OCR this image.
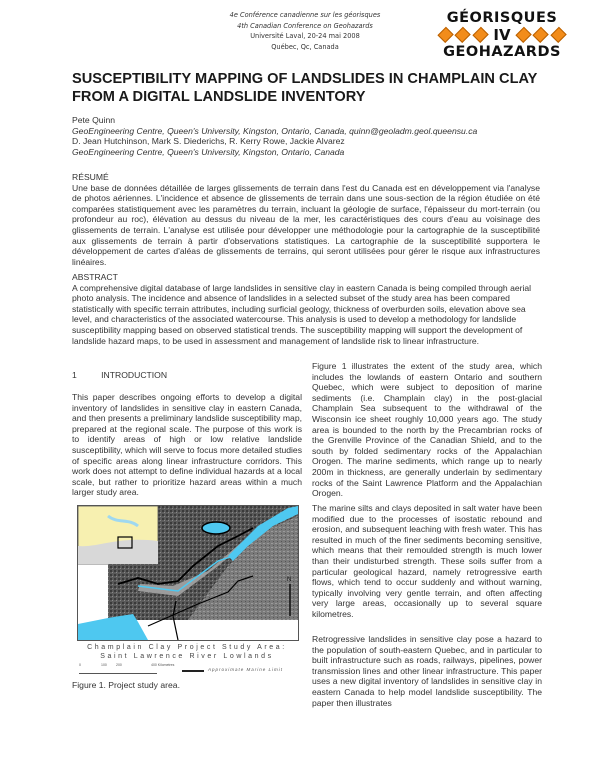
4e Conférence canadienne sur les géorisques
4th Canadian Conference on Geohazards
Université Laval, 20-24 mai 2008
Québec, Qc, Canada
GÉORISQUES
IV
GEOHAZARDS
SUSCEPTIBILITY MAPPING OF LANDSLIDES IN CHAMPLAIN CLAY
FROM A DIGITAL LANDSLIDE INVENTORY
Pete Quinn
GeoEngineering Centre, Queen's University, Kingston, Ontario, Canada, quinn@geoladm.geol.queensu.ca
D. Jean Hutchinson, Mark S. Diederichs, R. Kerry Rowe, Jackie Alvarez
GeoEngineering Centre, Queen's University, Kingston, Ontario, Canada
RÉSUMÉ
Une base de données détaillée de larges glissements de terrain dans l'est du Canada est en développement via l'analyse de photos aériennes. L'incidence et absence de glissements de terrain dans une sous-section de la région étudiée on été comparées statistiquement avec les paramètres du terrain, incluant la géologie de surface, l'épaisseur du mort-terrain (ou profondeur au roc), élévation au dessus du niveau de la mer, les caractéristiques des cours d'eau au voisinage des glissements de terrain. L'analyse est utilisée pour développer une méthodologie pour la cartographie de la susceptibilité aux glissements de terrain à partir d'observations statistiques. La cartographie de la susceptibilité supportera le développement de cartes d'aléas de glissements de terrains, qui seront utilisées pour gérer le risque aux infrastructures linéaires.
ABSTRACT
A comprehensive digital database of large landslides in sensitive clay in eastern Canada is being compiled through aerial photo analysis. The incidence and absence of landslides in a selected subset of the study area has been compared statistically with specific terrain attributes, including surficial geology, thickness of overburden soils, elevation above sea level, and characteristics of the associated watercourse. This analysis is used to develop a methodology for landslide susceptibility mapping based on observed statistical trends. The susceptibility mapping will support the development of landslide hazard maps, to be used in assessment and management of landslide risk to linear infrastructure.
1	INTRODUCTION
This paper describes ongoing efforts to develop a digital inventory of landslides in sensitive clay in eastern Canada, and then presents a preliminary landslide susceptibility map, prepared at the regional scale. The purpose of this work is to identify areas of high or low relative landslide susceptibility, which will serve to focus more detailed studies of specific areas along linear infrastructure corridors. This work does not attempt to define individual hazards at a local scale, but rather to prioritize hazard areas within a much larger study area.
Figure 1 illustrates the extent of the study area, which includes the lowlands of eastern Ontario and southern Quebec, which were subject to deposition of marine sediments (i.e. Champlain clay) in the post-glacial Champlain Sea subsequent to the withdrawal of the Wisconsin ice sheet roughly 10,000 years ago. The study area is bounded to the north by the Precambrian rocks of the Grenville Province of the Canadian Shield, and to the south by folded sedimentary rocks of the Appalachian Orogen. The marine sediments, which range up to nearly 200m in thickness, are generally underlain by sedimentary rocks of the Saint Lawrence Platform and the Appalachian Orogen.
The marine silts and clays deposited in salt water have been modified due to the processes of isostatic rebound and erosion, and subsequent leaching with fresh water. This has resulted in much of the finer sediments becoming sensitive, which means that their remoulded strength is much lower than their undisturbed strength. These soils suffer from a particular geological hazard, namely retrogressive earth flows, which tend to occur suddenly and without warning, typically involving very gentle terrain, and often affecting very large areas, occasionally up to several square kilometres.
Retrogressive landslides in sensitive clay pose a hazard to the population of south-eastern Quebec, and in particular to built infrastructure such as roads, railways, pipelines, power transmission lines and other linear infrastructure. This paper uses a new digital inventory of landslides in sensitive clay in eastern Canada to help model landslide susceptibility. The paper then illustrates
N
Champlain Clay Project Study Area:
Saint Lawrence River Lowlands
0	100	200	400 Kilometres
Approximate Marine Limit
Figure 1. Project study area.
